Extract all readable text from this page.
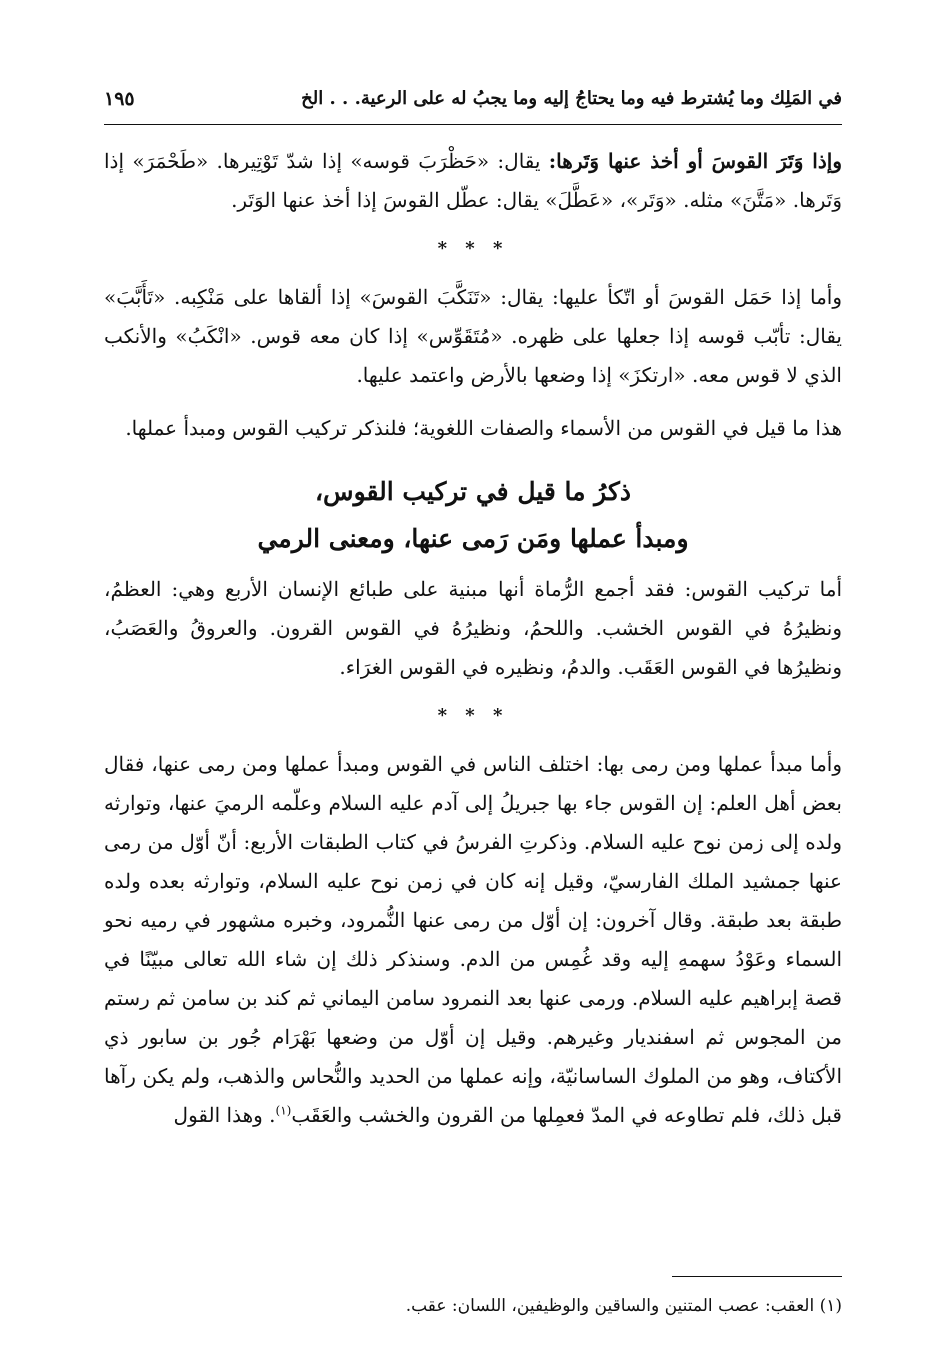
في المَلِك وما يُشترط فيه وما يحتاجُ إليه وما يجبُ له على الرعية. . . الخ
١٩٥

وإذا وَتَرَ القوسَ أو أخذ عنها وَتَرها: يقال: «حَظْرَبَ قوسه» إذا شدّ تَوْتِيرها. «طَحْمَرَ» إذا وَتَرها. «مَتَّنَ» مثله. «وَتَر»، «عَطَّلَ» يقال: عطّل القوسَ إذا أخذ عنها الوَتَر.

* * *

وأما إذا حَمَل القوسَ أو اتّكأ عليها: يقال: «تَنَكَّبَ القوسَ» إذا ألقاها على مَنْكِبه. «تَأَبَّبَ» يقال: تأبّب قوسه إذا جعلها على ظهره. «مُتَقَوِّس» إذا كان معه قوس. «انْكَبُ» والأنكب الذي لا قوس معه. «ارتكزَ» إذا وضعها بالأرض واعتمد عليها.

هذا ما قيل في القوس من الأسماء والصفات اللغوية؛ فلنذكر تركيب القوس ومبدأ عملها.

ذكرُ ما قيل في تركيب القوس،
ومبدأ عملها ومَن رَمى عنها، ومعنى الرمي

أما تركيب القوس: فقد أجمع الرُّماة أنها مبنية على طبائع الإنسان الأربع وهي: العظمُ، ونظيرُهُ في القوس الخشب. واللحمُ، ونظيرُهُ في القوس القرون. والعروقُ والعَصَبُ، ونظيرُها في القوس العَقَب. والدمُ، ونظيره في القوس الغرَاء.

* * *

وأما مبدأ عملها ومن رمى بها: اختلف الناس في القوس ومبدأ عملها ومن رمى عنها، فقال بعض أهل العلم: إن القوس جاء بها جبريلُ إلى آدم عليه السلام وعلّمه الرميَ عنها، وتوارثه ولده إلى زمن نوح عليه السلام. وذكرتِ الفرسُ في كتاب الطبقات الأربع: أنّ أوّل من رمى عنها جمشيد الملك الفارسيّ، وقيل إنه كان في زمن نوح عليه السلام، وتوارثه بعده ولده طبقة بعد طبقة. وقال آخرون: إن أوّل من رمى عنها النُّمرود، وخبره مشهور في رميه نحو السماء وعَوْدُ سهمهِ إليه وقد غُمِس من الدم. وسنذكر ذلك إن شاء الله تعالى مبيّنًا في قصة إبراهيم عليه السلام. ورمى عنها بعد النمرود سامن اليماني ثم كند بن سامن ثم رستم من المجوس ثم اسفنديار وغيرهم. وقيل إن أوّل من وضعها بَهْرَام جُور بن سابور ذي الأكتاف، وهو من الملوك الساسانيّة، وإنه عملها من الحديد والنُّحاس والذهب، ولم يكن رآها قبل ذلك، فلم تطاوعه في المدّ فعمِلها من القرون والخشب والعَقَب$^{(١)}$. وهذا القول

(١) العقب: عصب المتنين والساقين والوظيفين، اللسان: عقب.
